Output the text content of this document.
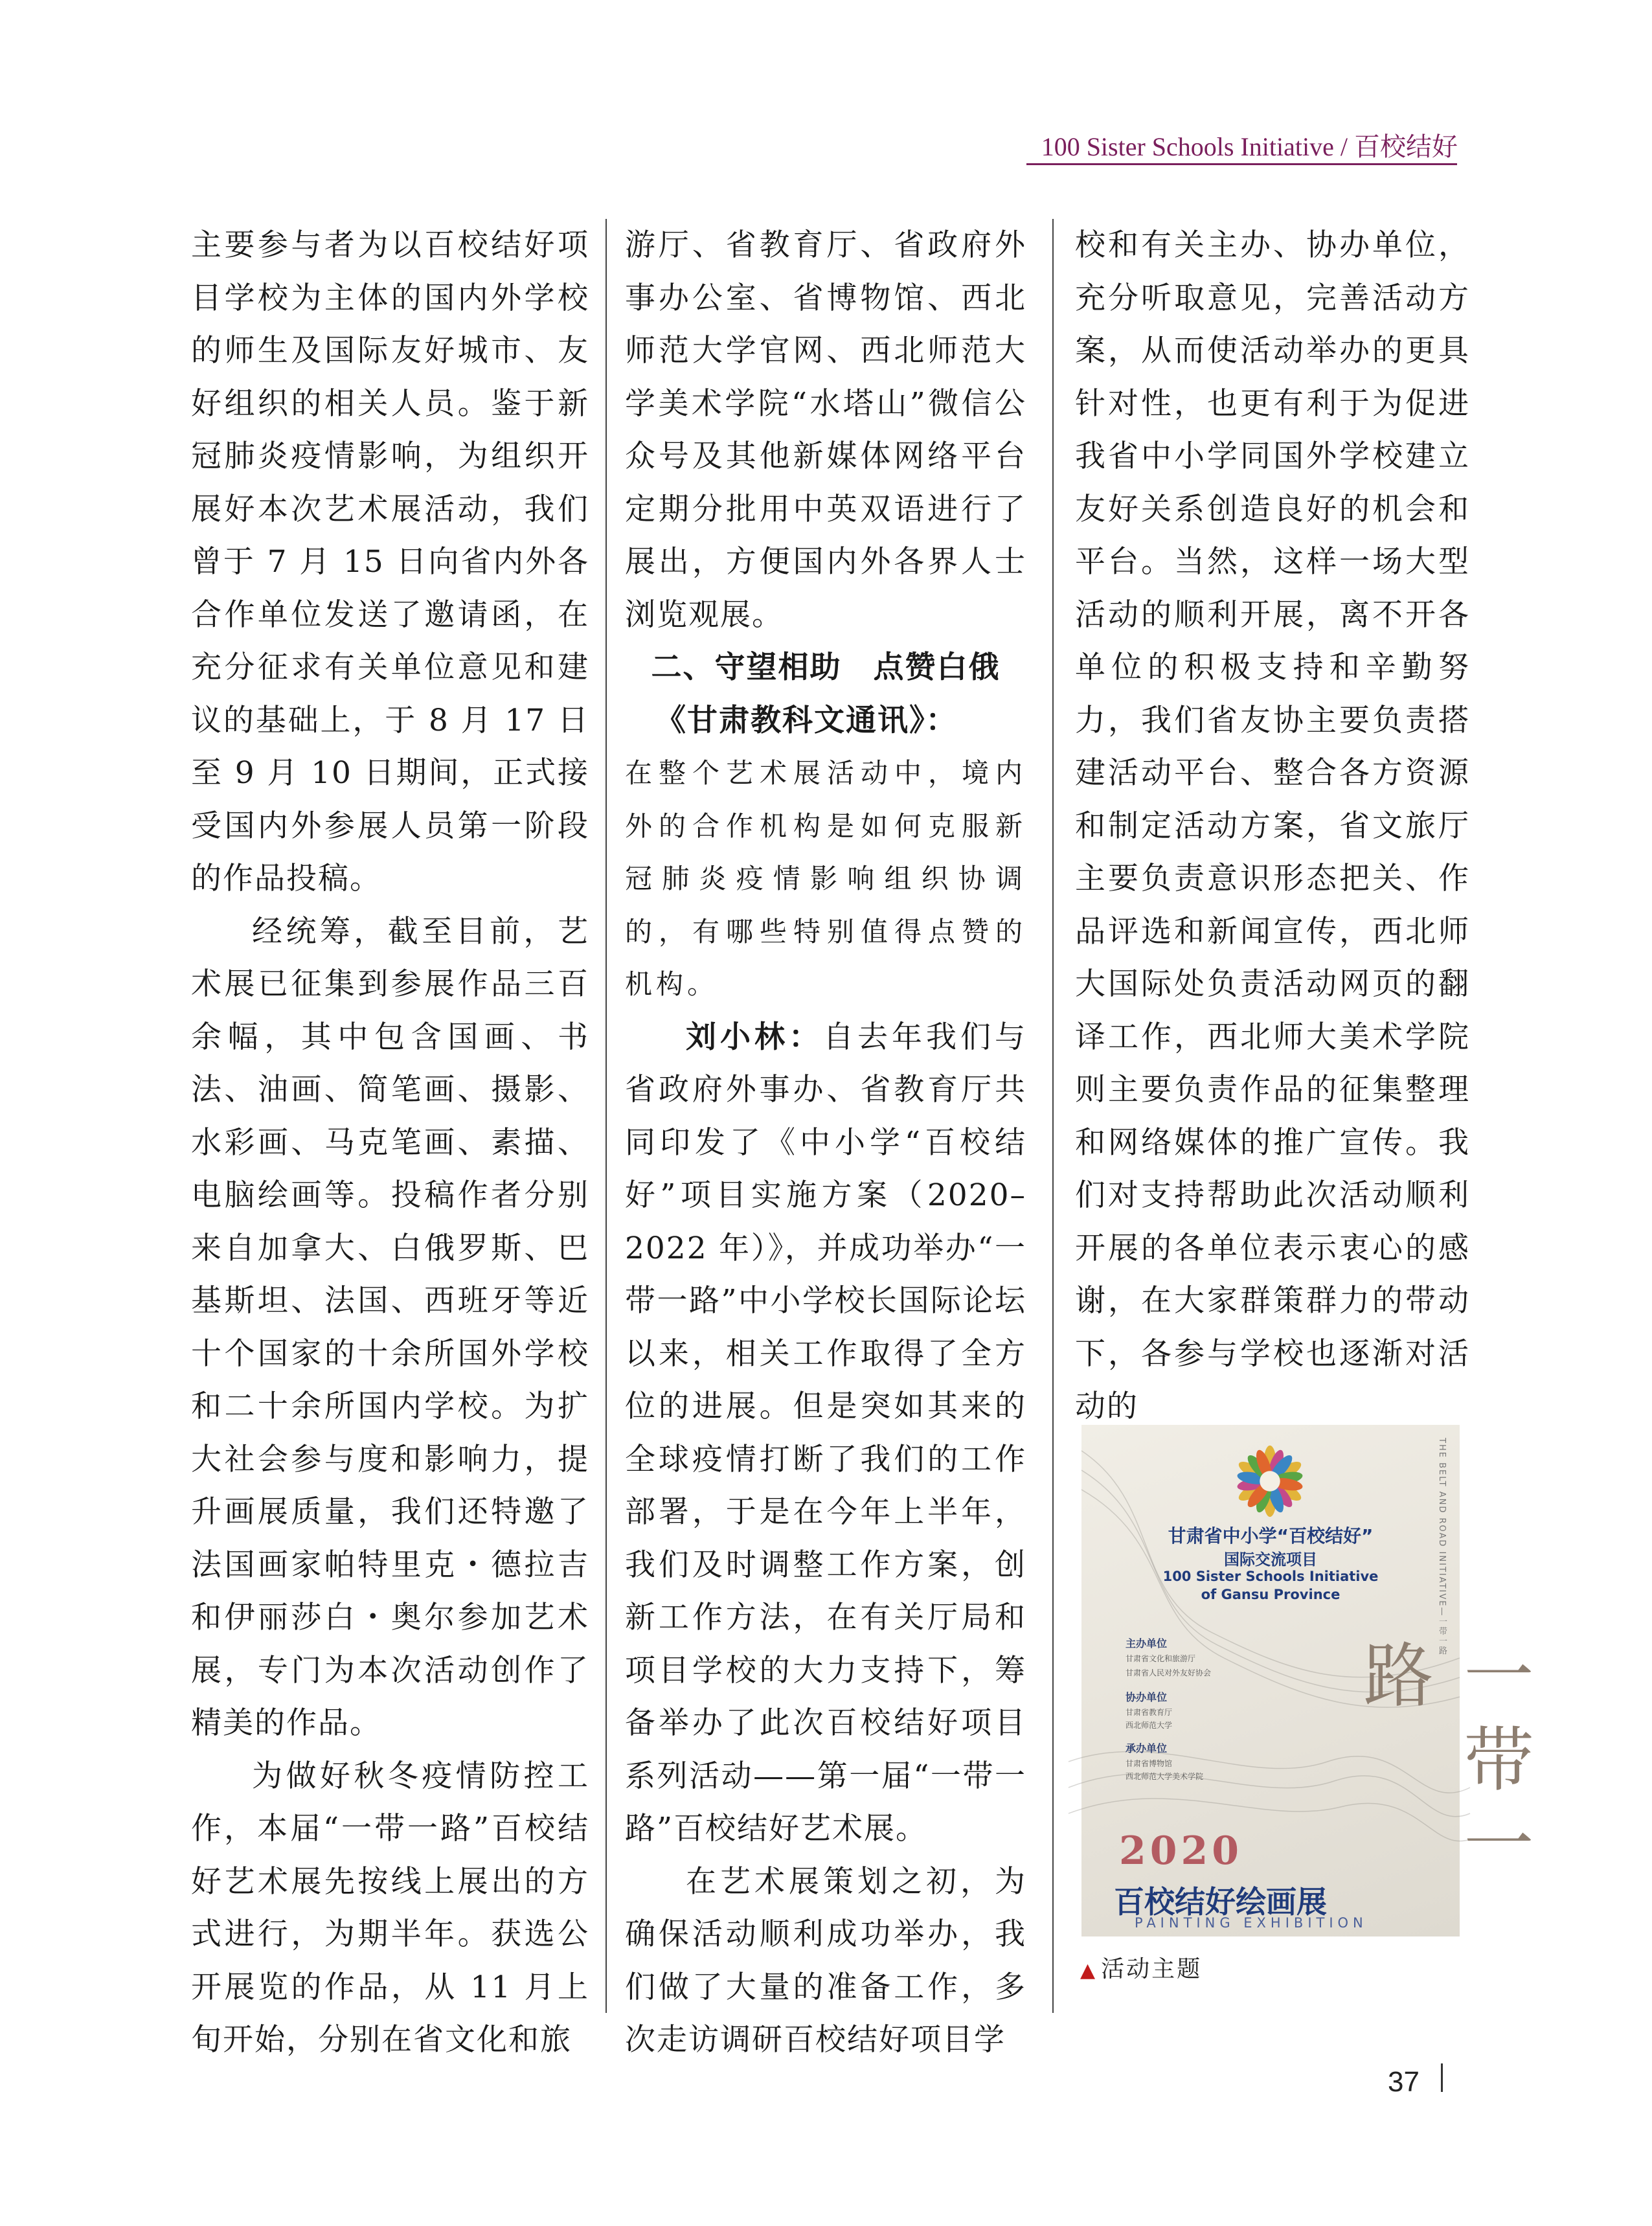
100 Sister Schools Initiative / 百校结好

主要参与者为以百校结好项目学校为主体的国内外学校的师生及国际友好城市、友好组织的相关人员。鉴于新冠肺炎疫情影响，为组织开展好本次艺术展活动，我们曾于 7 月 15 日向省内外各合作单位发送了邀请函，在充分征求有关单位意见和建议的基础上，于 8 月 17 日至 9 月 10 日期间，正式接受国内外参展人员第一阶段的作品投稿。

经统筹，截至目前，艺术展已征集到参展作品三百余幅，其中包含国画、书法、油画、简笔画、摄影、水彩画、马克笔画、素描、电脑绘画等。投稿作者分别来自加拿大、白俄罗斯、巴基斯坦、法国、西班牙等近十个国家的十余所国外学校和二十余所国内学校。为扩大社会参与度和影响力，提升画展质量，我们还特邀了法国画家帕特里克・德拉吉和伊丽莎白・奥尔参加艺术展，专门为本次活动创作了精美的作品。

为做好秋冬疫情防控工作，本届“一带一路”百校结好艺术展先按线上展出的方式进行，为期半年。获选公开展览的作品，从 11 月上旬开始，分别在省文化和旅

游厅、省教育厅、省政府外事办公室、省博物馆、西北师范大学官网、西北师范大学美术学院“水塔山”微信公众号及其他新媒体网络平台定期分批用中英双语进行了展出，方便国内外各界人士浏览观展。

二、守望相助　点赞白俄

《甘肃教科文通讯》：

在整个艺术展活动中，境内外的合作机构是如何克服新冠肺炎疫情影响组织协调的，有哪些特别值得点赞的机构。

刘小林：自去年我们与省政府外事办、省教育厅共同印发了《中小学“百校结好”项目实施方案（2020–2022 年）》，并成功举办“一带一路”中小学校长国际论坛以来，相关工作取得了全方位的进展。但是突如其来的全球疫情打断了我们的工作部署，于是在今年上半年，我们及时调整工作方案，创新工作方法，在有关厅局和项目学校的大力支持下，筹备举办了此次百校结好项目系列活动——第一届“一带一路”百校结好艺术展。

在艺术展策划之初，为确保活动顺利成功举办，我们做了大量的准备工作，多次走访调研百校结好项目学

校和有关主办、协办单位，充分听取意见，完善活动方案，从而使活动举办的更具针对性，也更有利于为促进我省中小学同国外学校建立友好关系创造良好的机会和平台。当然，这样一场大型活动的顺利开展，离不开各单位的积极支持和辛勤努力，我们省友协主要负责搭建活动平台、整合各方资源和制定活动方案，省文旅厅主要负责意识形态把关、作品评选和新闻宣传，西北师大国际处负责活动网页的翻译工作，西北师大美术学院则主要负责作品的征集整理和网络媒体的推广宣传。我们对支持帮助此次活动顺利开展的各单位表示衷心的感谢，在大家群策群力的带动下，各参与学校也逐渐对活动的

THE BELT AND ROAD INITIATIVE—一带一路
甘肃省中小学“百校结好”
国际交流项目
100 Sister Schools Initiative
of Gansu Province
主办单位
甘肃省文化和旅游厅
甘肃省人民对外友好协会
协办单位
甘肃省教育厅
西北师范大学
承办单位
甘肃省博物馆
西北师范大学美术学院	一带一路
2020
百校结好绘画展
PAINTING EXHIBITION
▲ 活动主题
37
